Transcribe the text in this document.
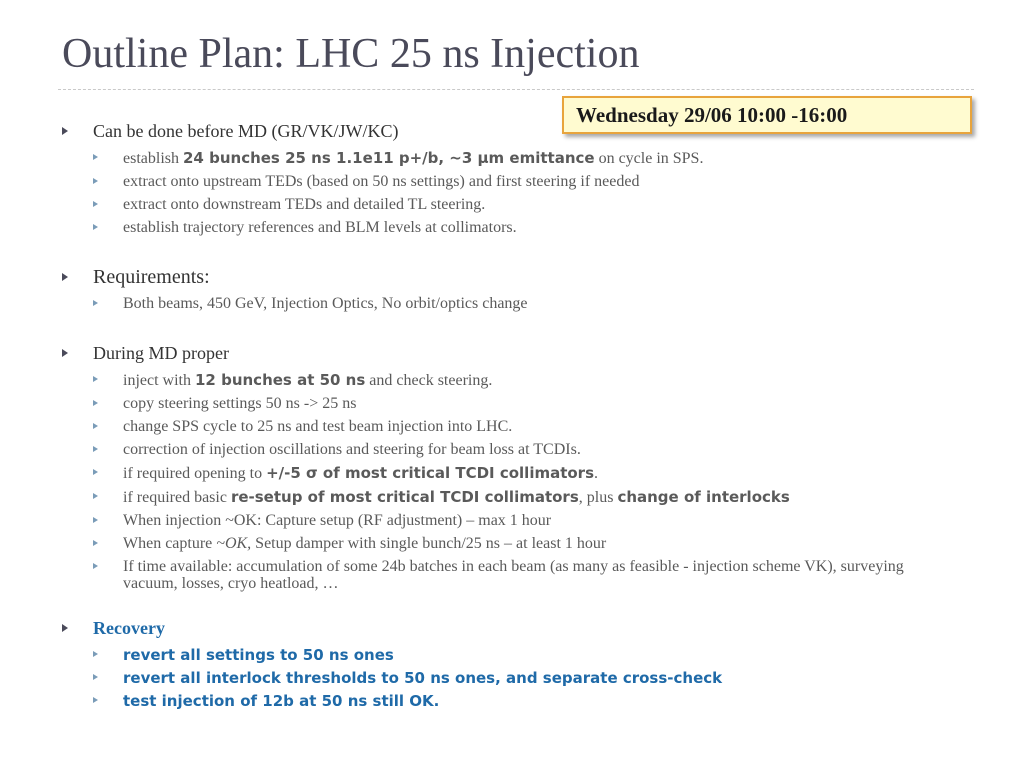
Outline Plan: LHC 25 ns Injection
Wednesday 29/06 10:00 -16:00
Can be done before MD (GR/VK/JW/KC)
establish 24 bunches 25 ns 1.1e11 p+/b, ~3 μm emittance on cycle in SPS.
extract onto upstream TEDs (based on 50 ns settings) and first steering if needed
extract onto downstream TEDs and detailed TL steering.
establish trajectory references and BLM levels at collimators.
Requirements:
Both beams, 450 GeV, Injection Optics, No orbit/optics change
During MD proper
inject with 12 bunches at 50 ns and check steering.
copy steering settings 50 ns -> 25 ns
change SPS cycle to 25 ns and test beam injection into LHC.
correction of injection oscillations and steering for beam loss at TCDIs.
if required opening to +/-5 σ of most critical TCDI collimators.
if required basic re-setup of most critical TCDI collimators, plus change of interlocks
When injection ~OK: Capture setup (RF adjustment) – max 1 hour
When capture ~OK, Setup damper with single bunch/25 ns – at least 1 hour
If time available: accumulation of some 24b batches in each beam (as many as feasible - injection scheme VK), surveying vacuum, losses, cryo heatload, …
Recovery
revert all settings to 50 ns ones
revert all interlock thresholds to 50 ns ones, and separate cross-check
test injection of 12b at 50 ns still OK.
